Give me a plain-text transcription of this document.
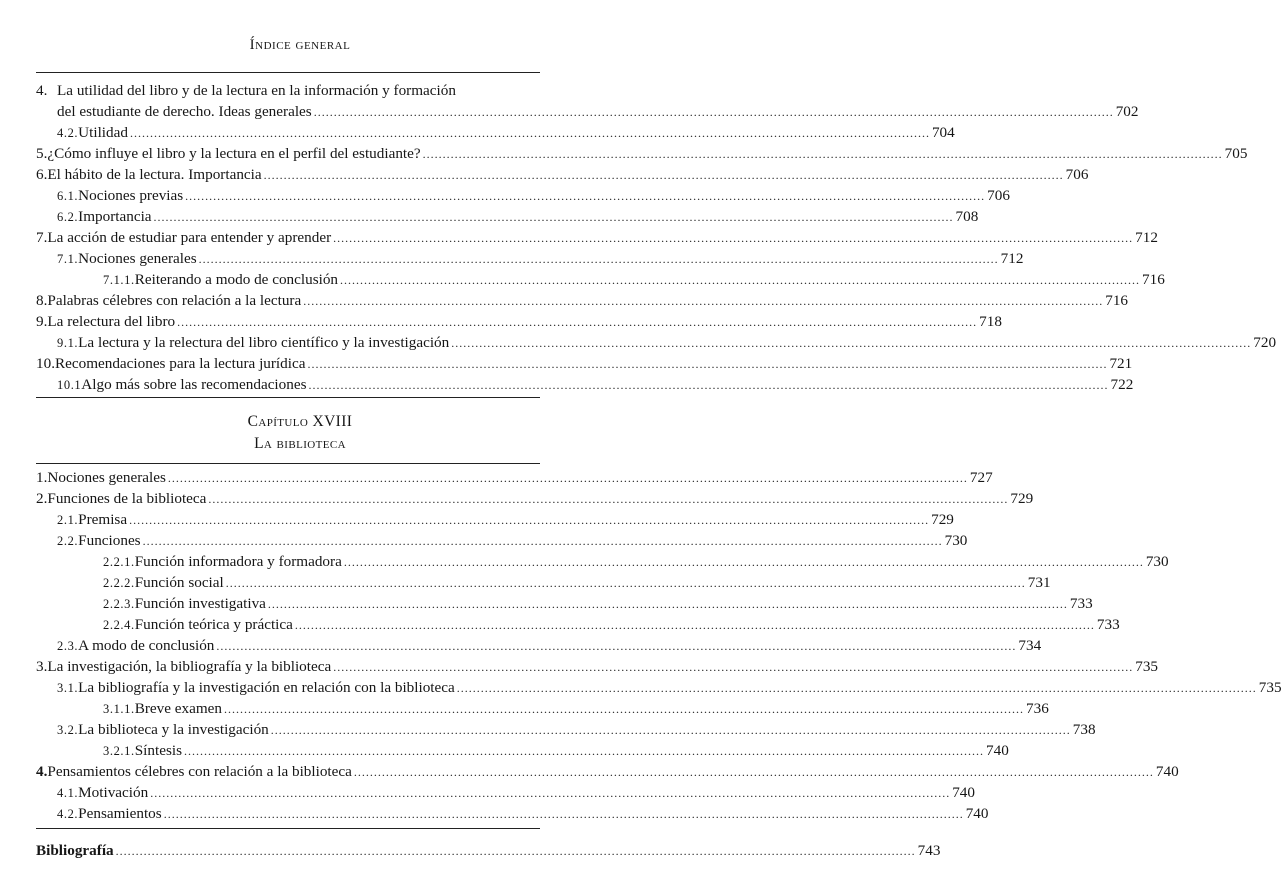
Índice general
4. La utilidad del libro y de la lectura en la información y formación
del estudiante de derecho. Ideas generales ........................................................................................................................................................................................................ 702
4.2. Utilidad ........................................................................................................................................................................................................ 704
5. ¿Cómo influye el libro y la lectura en el perfil del estudiante? ........................................................................................................................................................................................................ 705
6. El hábito de la lectura. Importancia ........................................................................................................................................................................................................ 706
6.1. Nociones previas ........................................................................................................................................................................................................ 706
6.2. Importancia ........................................................................................................................................................................................................ 708
7. La acción de estudiar para entender y aprender ........................................................................................................................................................................................................ 712
7.1. Nociones generales ........................................................................................................................................................................................................ 712
7.1.1. Reiterando a modo de conclusión ........................................................................................................................................................................................................ 716
8. Palabras célebres con relación a la lectura ........................................................................................................................................................................................................ 716
9. La relectura del libro ........................................................................................................................................................................................................ 718
9.1. La lectura y la relectura del libro científico y la investigación ........................................................................................................................................................................................................ 720
10. Recomendaciones para la lectura jurídica ........................................................................................................................................................................................................ 721
10.1 Algo más sobre las recomendaciones ........................................................................................................................................................................................................ 722
Capítulo XVIII
La biblioteca
1. Nociones generales ........................................................................................................................................................................................................ 727
2. Funciones de la biblioteca ........................................................................................................................................................................................................ 729
2.1. Premisa ........................................................................................................................................................................................................ 729
2.2. Funciones ........................................................................................................................................................................................................ 730
2.2.1. Función informadora y formadora ........................................................................................................................................................................................................ 730
2.2.2. Función social ........................................................................................................................................................................................................ 731
2.2.3. Función investigativa ........................................................................................................................................................................................................ 733
2.2.4. Función teórica y práctica ........................................................................................................................................................................................................ 733
2.3. A modo de conclusión ........................................................................................................................................................................................................ 734
3. La investigación, la bibliografía y la biblioteca ........................................................................................................................................................................................................ 735
3.1. La bibliografía y la investigación en relación con la biblioteca ........................................................................................................................................................................................................ 735
3.1.1. Breve examen ........................................................................................................................................................................................................ 736
3.2. La biblioteca y la investigación ........................................................................................................................................................................................................ 738
3.2.1. Síntesis ........................................................................................................................................................................................................ 740
4. Pensamientos célebres con relación a la biblioteca ........................................................................................................................................................................................................ 740
4.1. Motivación ........................................................................................................................................................................................................ 740
4.2. Pensamientos ........................................................................................................................................................................................................ 740
Bibliografía ........................................................................................................................................................................................................ 743
